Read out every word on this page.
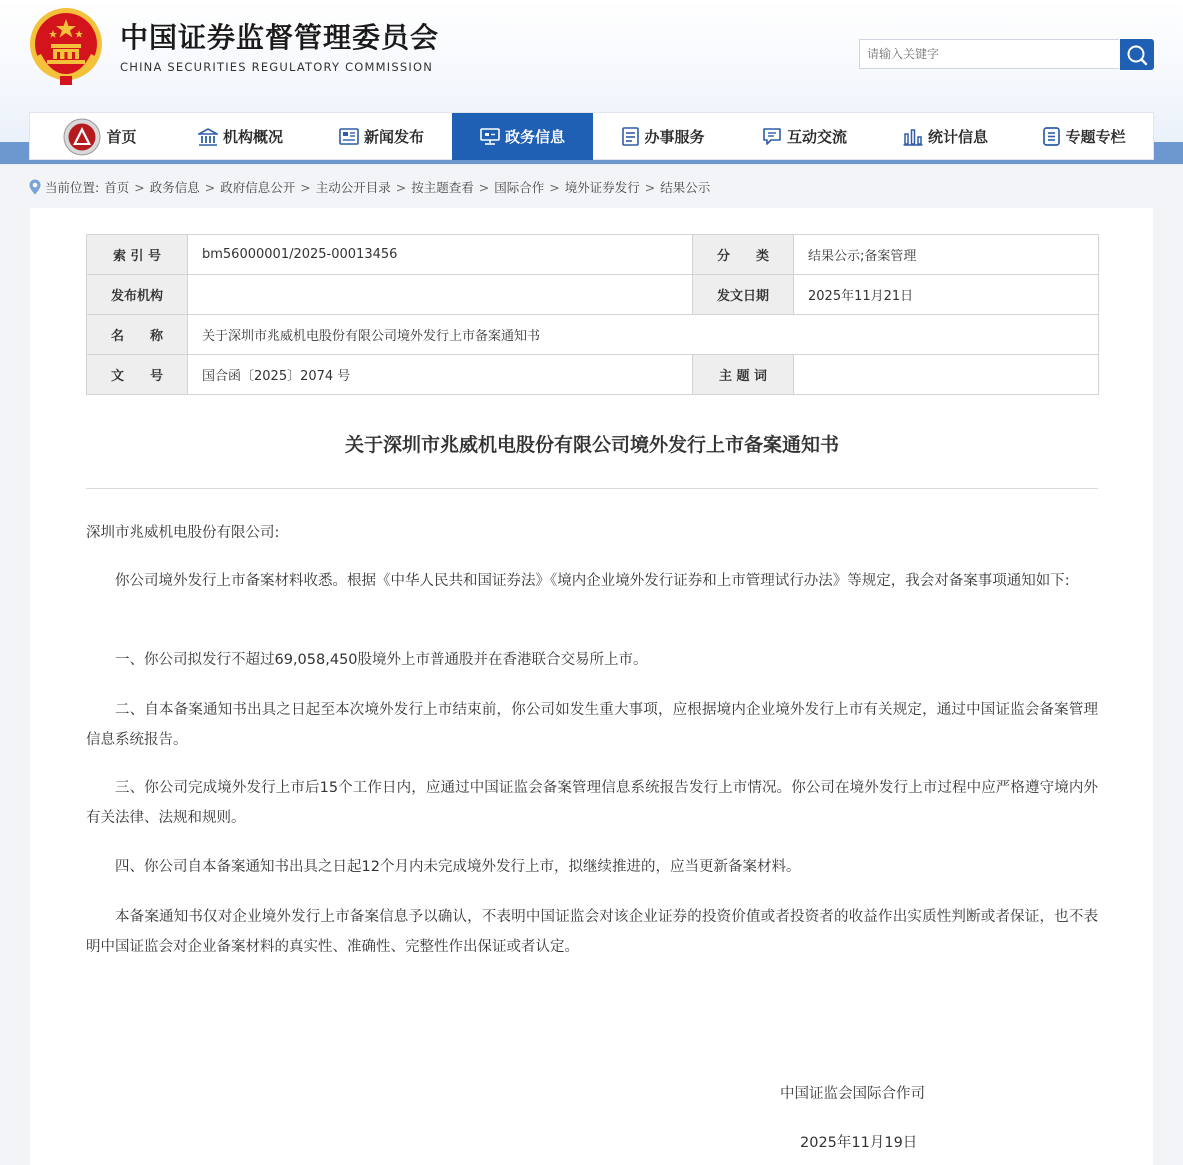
中国证券监督管理委员会
CHINA SECURITIES REGULATORY COMMISSION
请输入关键字
首页	机构概况	新闻发布	政务信息	办事服务	互动交流	统计信息	专题专栏
当前位置: 首页 > 政务信息 > 政府信息公开 > 主动公开目录 > 按主题查看 > 国际合作 > 境外证券发行 > 结果公示
索 引 号	bm56000001/2025-00013456	分　　类	结果公示;备案管理
发布机构		发文日期	2025年11月21日
名　　称	关于深圳市兆威机电股份有限公司境外发行上市备案通知书		
文　　号	国合函〔2025〕2074 号	主 题 词	
关于深圳市兆威机电股份有限公司境外发行上市备案通知书

深圳市兆威机电股份有限公司:

你公司境外发行上市备案材料收悉。根据《中华人民共和国证券法》《境内企业境外发行证券和上市管理试行办法》等规定，我会对备案事项通知如下:

一、你公司拟发行不超过69,058,450股境外上市普通股并在香港联合交易所上市。

二、自本备案通知书出具之日起至本次境外发行上市结束前，你公司如发生重大事项，应根据境内企业境外发行上市有关规定，通过中国证监会备案管理信息系统报告。

三、你公司完成境外发行上市后15个工作日内，应通过中国证监会备案管理信息系统报告发行上市情况。你公司在境外发行上市过程中应严格遵守境内外有关法律、法规和规则。

四、你公司自本备案通知书出具之日起12个月内未完成境外发行上市，拟继续推进的，应当更新备案材料。

本备案通知书仅对企业境外发行上市备案信息予以确认，不表明中国证监会对该企业证券的投资价值或者投资者的收益作出实质性判断或者保证，也不表明中国证监会对企业备案材料的真实性、准确性、完整性作出保证或者认定。

中国证监会国际合作司
2025年11月19日
